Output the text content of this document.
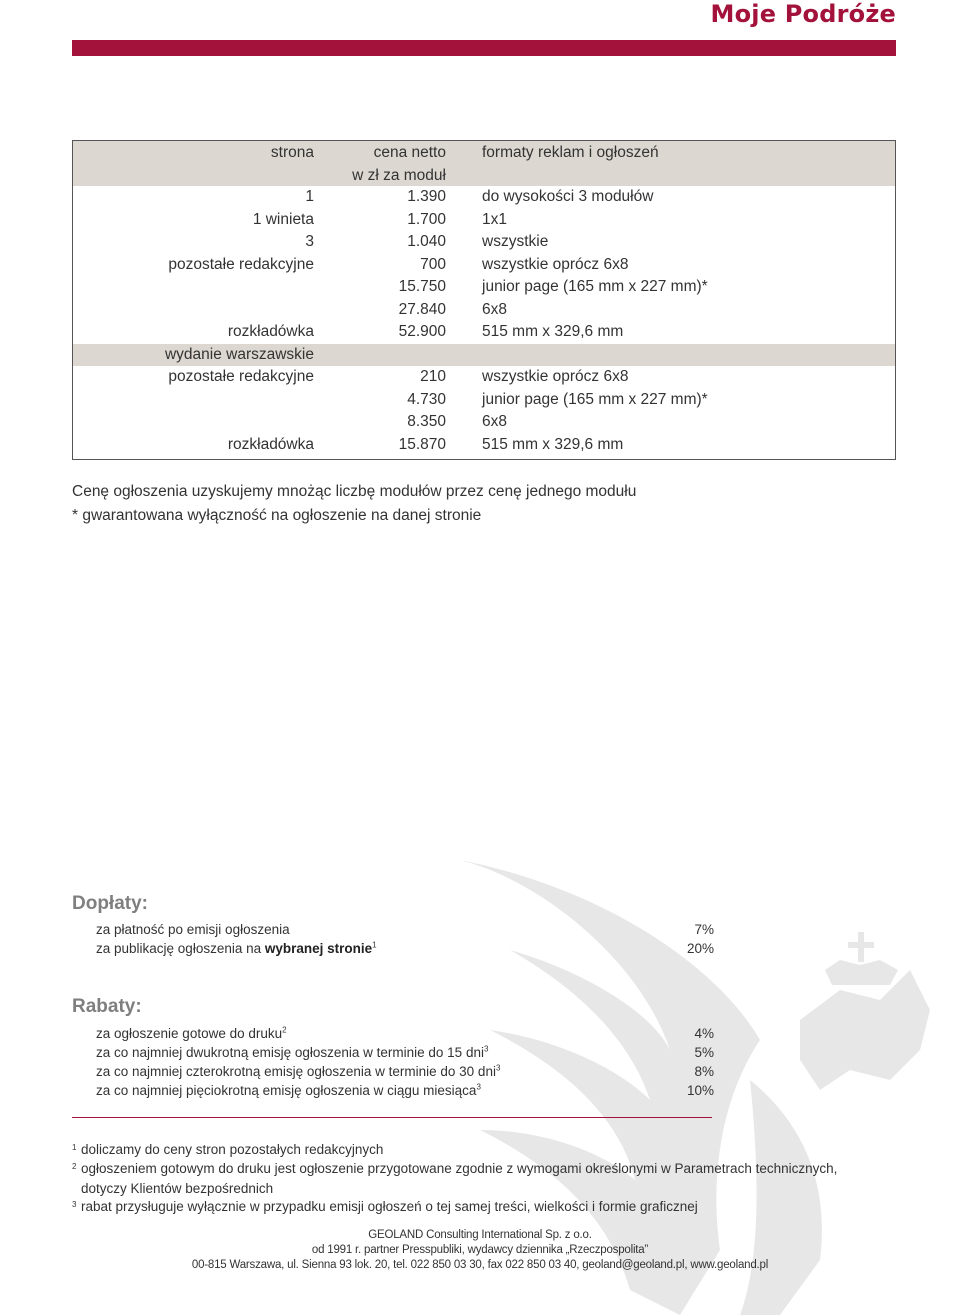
Moje Podróże
strona	cena netto	formaty reklam i ogłoszeń
	w zł za moduł	
1	1.390	do wysokości 3 modułów
1 winieta	1.700	1x1
3	1.040	wszystkie
pozostałe redakcyjne	700	wszystkie oprócz 6x8
	15.750	junior page (165 mm x 227 mm)*
	27.840	6x8
rozkładówka	52.900	515 mm x 329,6 mm
wydanie warszawskie		
pozostałe redakcyjne	210	wszystkie oprócz 6x8
	4.730	junior page (165 mm x 227 mm)*
	8.350	6x8
rozkładówka	15.870	515 mm x 329,6 mm
Cenę ogłoszenia uzyskujemy mnożąc liczbę modułów przez cenę jednego modułu
* gwarantowana wyłączność na ogłoszenie na danej stronie
Dopłaty:
za płatność po emisji ogłoszenia	7%
za publikację ogłoszenia na wybranej stronie$^1$	20%
Rabaty:
za ogłoszenie gotowe do druku$^2$	4%
za co najmniej dwukrotną emisję ogłoszenia w terminie do 15 dni$^3$	5%
za co najmniej czterokrotną emisję ogłoszenia w terminie do 30 dni$^3$	8%
za co najmniej pięciokrotną emisję ogłoszenia w ciągu miesiąca$^3$	10%
1 doliczamy do ceny stron pozostałych redakcyjnych
2 ogłoszeniem gotowym do druku jest ogłoszenie przygotowane zgodnie z wymogami określonymi w Parametrach technicznych,
dotyczy Klientów bezpośrednich
3 rabat przysługuje wyłącznie w przypadku emisji ogłoszeń o tej samej treści, wielkości i formie graficznej
GEOLAND Consulting International Sp. z o.o.
od 1991 r. partner Presspubliki, wydawcy dziennika „Rzeczpospolita”
00-815 Warszawa, ul. Sienna 93 lok. 20, tel. 022 850 03 30, fax 022 850 03 40, geoland@geoland.pl, www.geoland.pl
